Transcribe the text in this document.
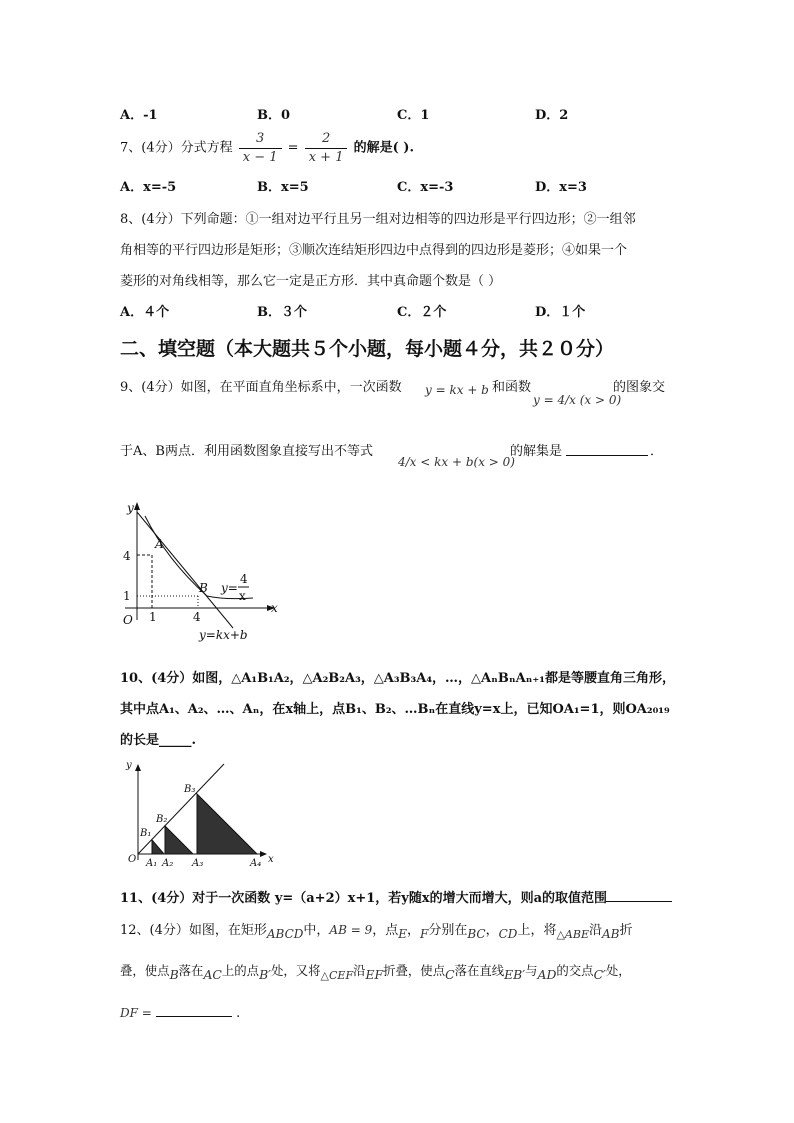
A．-1	B．0	C．1	D．2
7、(4分）分式方程 $\frac{3}{x - 1} = \frac{2}{x + 1}$ 的解是( ).
A．x=-5	B．x=5	C．x=-3	D．x=3
8、(4分）下列命题：①一组对边平行且另一组对边相等的四边形是平行四边形；②一组邻
角相等的平行四边形是矩形；③顺次连结矩形四边中点得到的四边形是菱形；④如果一个
菱形的对角线相等，那么它一定是正方形．其中真命题个数是（ ）
A．４个	B．３个	C．２个	D．１个
二、填空题（本大题共５个小题，每小题４分，共２０分）
9、(4分）如图，在平面直角坐标系中，一次函数 y = kx + b 和函数
y = 4/x (x > 0)
的图象交
于A、B两点．利用函数图象直接写出不等式
4/x < kx + b(x > 0)
的解集是	．
y
x
O
4
1
1	4
A
B y=
4
x
y=kx+b
10、(4分）如图，△A₁B₁A₂，△A₂B₂A₃，△A₃B₃A₄，…，△AₙBₙAₙ₊₁都是等腰直角三角形，
其中点A₁、A₂、…、Aₙ，在x轴上，点B₁、B₂、…Bₙ在直线y=x上，已知OA₁=1，则OA₂₀₁₉
的长是_____.
y
x
O A₁ A₂ A₃	A₄
B₁
B₂
B₃
11、(4分）对于一次函数 y=（a+2）x+1，若y随x的增大而增大，则a的取值范围
12、(4分）如图，在矩形ABCD中，AB = 9，点E，F分别在BC，CD上，将$_{\triangle ABE}$沿AB折
叠，使点B落在AC上的点B′处，又将△CEF沿EF折叠，使点C落在直线EB′与AD的交点C′处，
DF =	.
